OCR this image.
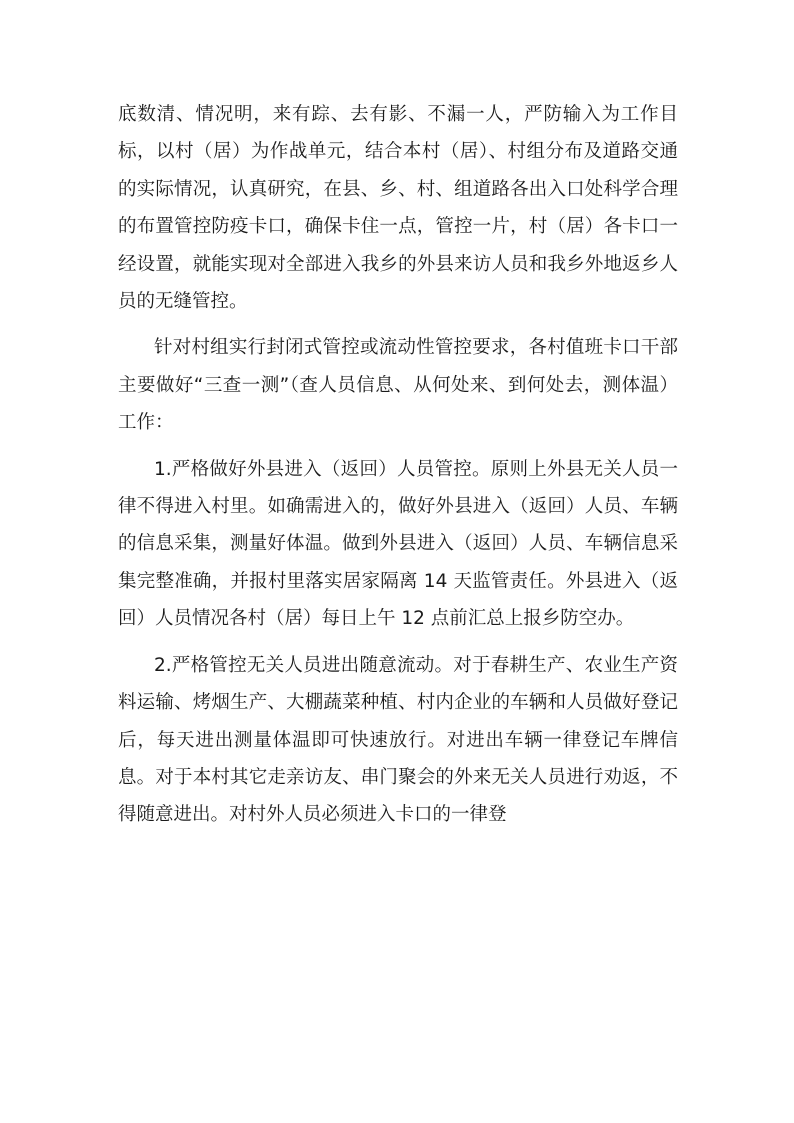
底数清、情况明，来有踪、去有影、不漏一人，严防输入为工作目标，以村（居）为作战单元，结合本村（居）、村组分布及道路交通的实际情况，认真研究，在县、乡、村、组道路各出入口处科学合理的布置管控防疫卡口，确保卡住一点，管控一片，村（居）各卡口一经设置，就能实现对全部进入我乡的外县来访人员和我乡外地返乡人员的无缝管控。

针对村组实行封闭式管控或流动性管控要求，各村值班卡口干部主要做好“三查一测”（查人员信息、从何处来、到何处去，测体温）工作：

1.严格做好外县进入（返回）人员管控。原则上外县无关人员一律不得进入村里。如确需进入的，做好外县进入（返回）人员、车辆的信息采集，测量好体温。做到外县进入（返回）人员、车辆信息采集完整准确，并报村里落实居家隔离 14 天监管责任。外县进入（返回）人员情况各村（居）每日上午 12 点前汇总上报乡防空办。

2.严格管控无关人员进出随意流动。对于春耕生产、农业生产资料运输、烤烟生产、大棚蔬菜种植、村内企业的车辆和人员做好登记后，每天进出测量体温即可快速放行。对进出车辆一律登记车牌信息。对于本村其它走亲访友、串门聚会的外来无关人员进行劝返，不得随意进出。对村外人员必须进入卡口的一律登
